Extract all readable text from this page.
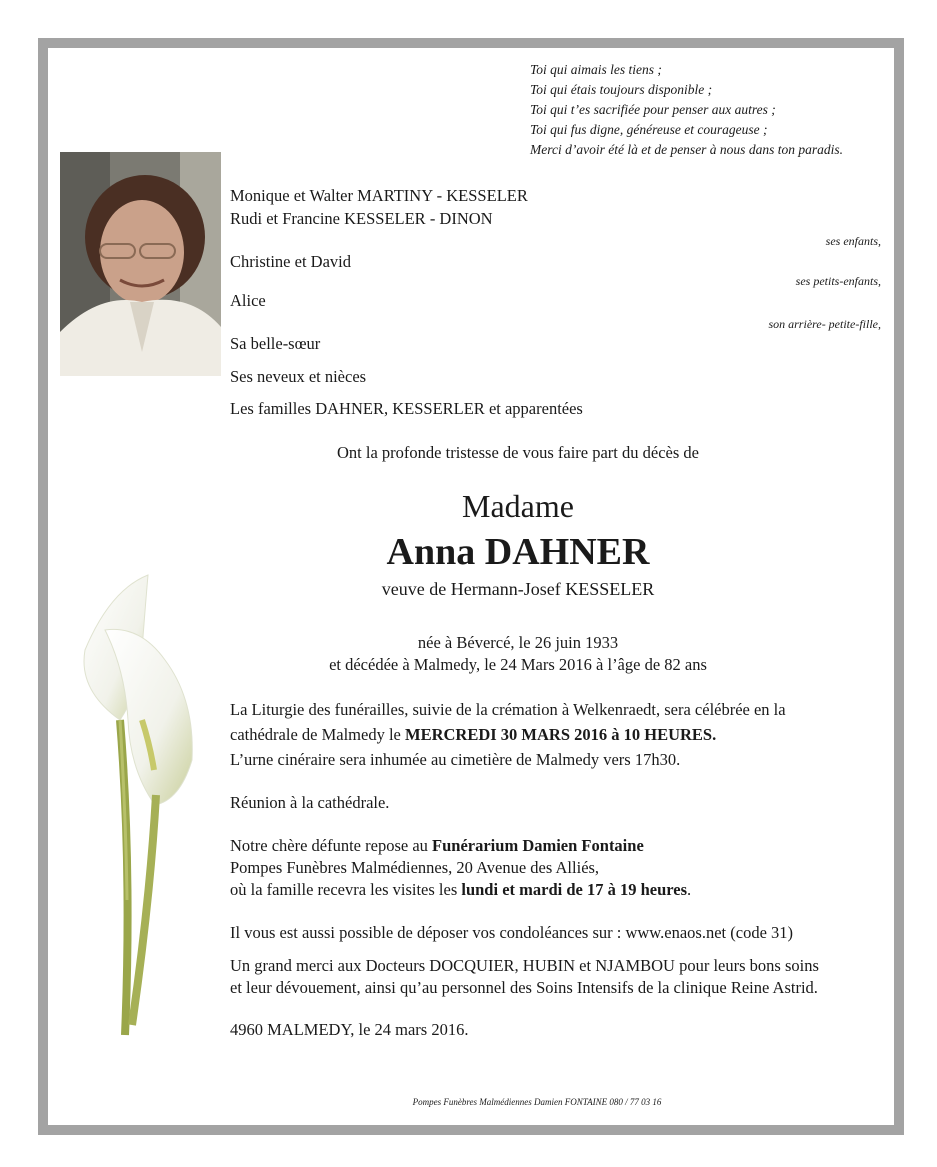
Toi qui aimais les tiens ;
Toi qui étais toujours disponible ;
Toi qui t’es sacrifiée pour penser aux autres ;
Toi qui fus digne, généreuse et courageuse ;
Merci d’avoir été là et de penser à nous dans ton paradis.
Monique et Walter MARTINY - KESSELER
Rudi et Francine KESSELER - DINON
ses enfants,
Christine et David
ses petits-enfants,
Alice
son arrière- petite-fille,
Sa belle-sœur
Ses neveux et nièces
Les familles DAHNER, KESSERLER et apparentées
Ont la profonde tristesse de vous faire part du décès de
Madame
Anna DAHNER
veuve de Hermann-Josef KESSELER
née à Bévercé, le 26 juin 1933
et décédée à Malmedy, le 24 Mars 2016 à l’âge de 82 ans
La Liturgie des funérailles, suivie de la crémation à Welkenraedt, sera célébrée en la
cathédrale de Malmedy le MERCREDI 30 MARS 2016 à 10 HEURES.
L’urne cinéraire sera inhumée au cimetière de Malmedy vers 17h30.
Réunion à la cathédrale.
Notre chère défunte repose au Funérarium Damien Fontaine
Pompes Funèbres Malmédiennes, 20 Avenue des Alliés,
où la famille recevra les visites les lundi et mardi de 17 à 19 heures.
Il vous est aussi possible de déposer vos condoléances sur : www.enaos.net (code 31)
Un grand merci aux Docteurs DOCQUIER, HUBIN et NJAMBOU pour leurs bons soins
et leur dévouement, ainsi qu’au personnel des Soins Intensifs de la clinique Reine Astrid.
4960 MALMEDY, le 24 mars 2016.
Pompes Funèbres Malmédiennes Damien FONTAINE 080 / 77 03 16
